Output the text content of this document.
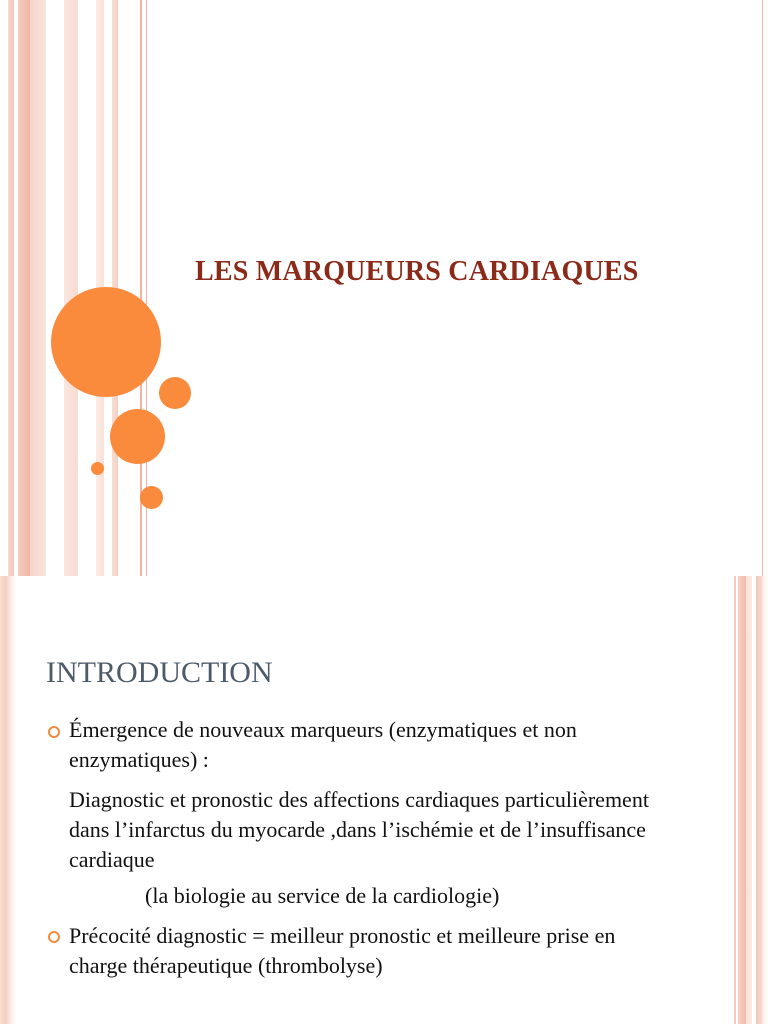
LES MARQUEURS CARDIAQUES
INTRODUCTION
Émergence de nouveaux marqueurs (enzymatiques et non enzymatiques) :
Diagnostic et pronostic des affections cardiaques particulièrement dans l’infarctus du myocarde ,dans l’ischémie et de l’insuffisance cardiaque
(la biologie au service de la cardiologie)
Précocité diagnostic = meilleur pronostic et meilleure prise en charge thérapeutique (thrombolyse)
